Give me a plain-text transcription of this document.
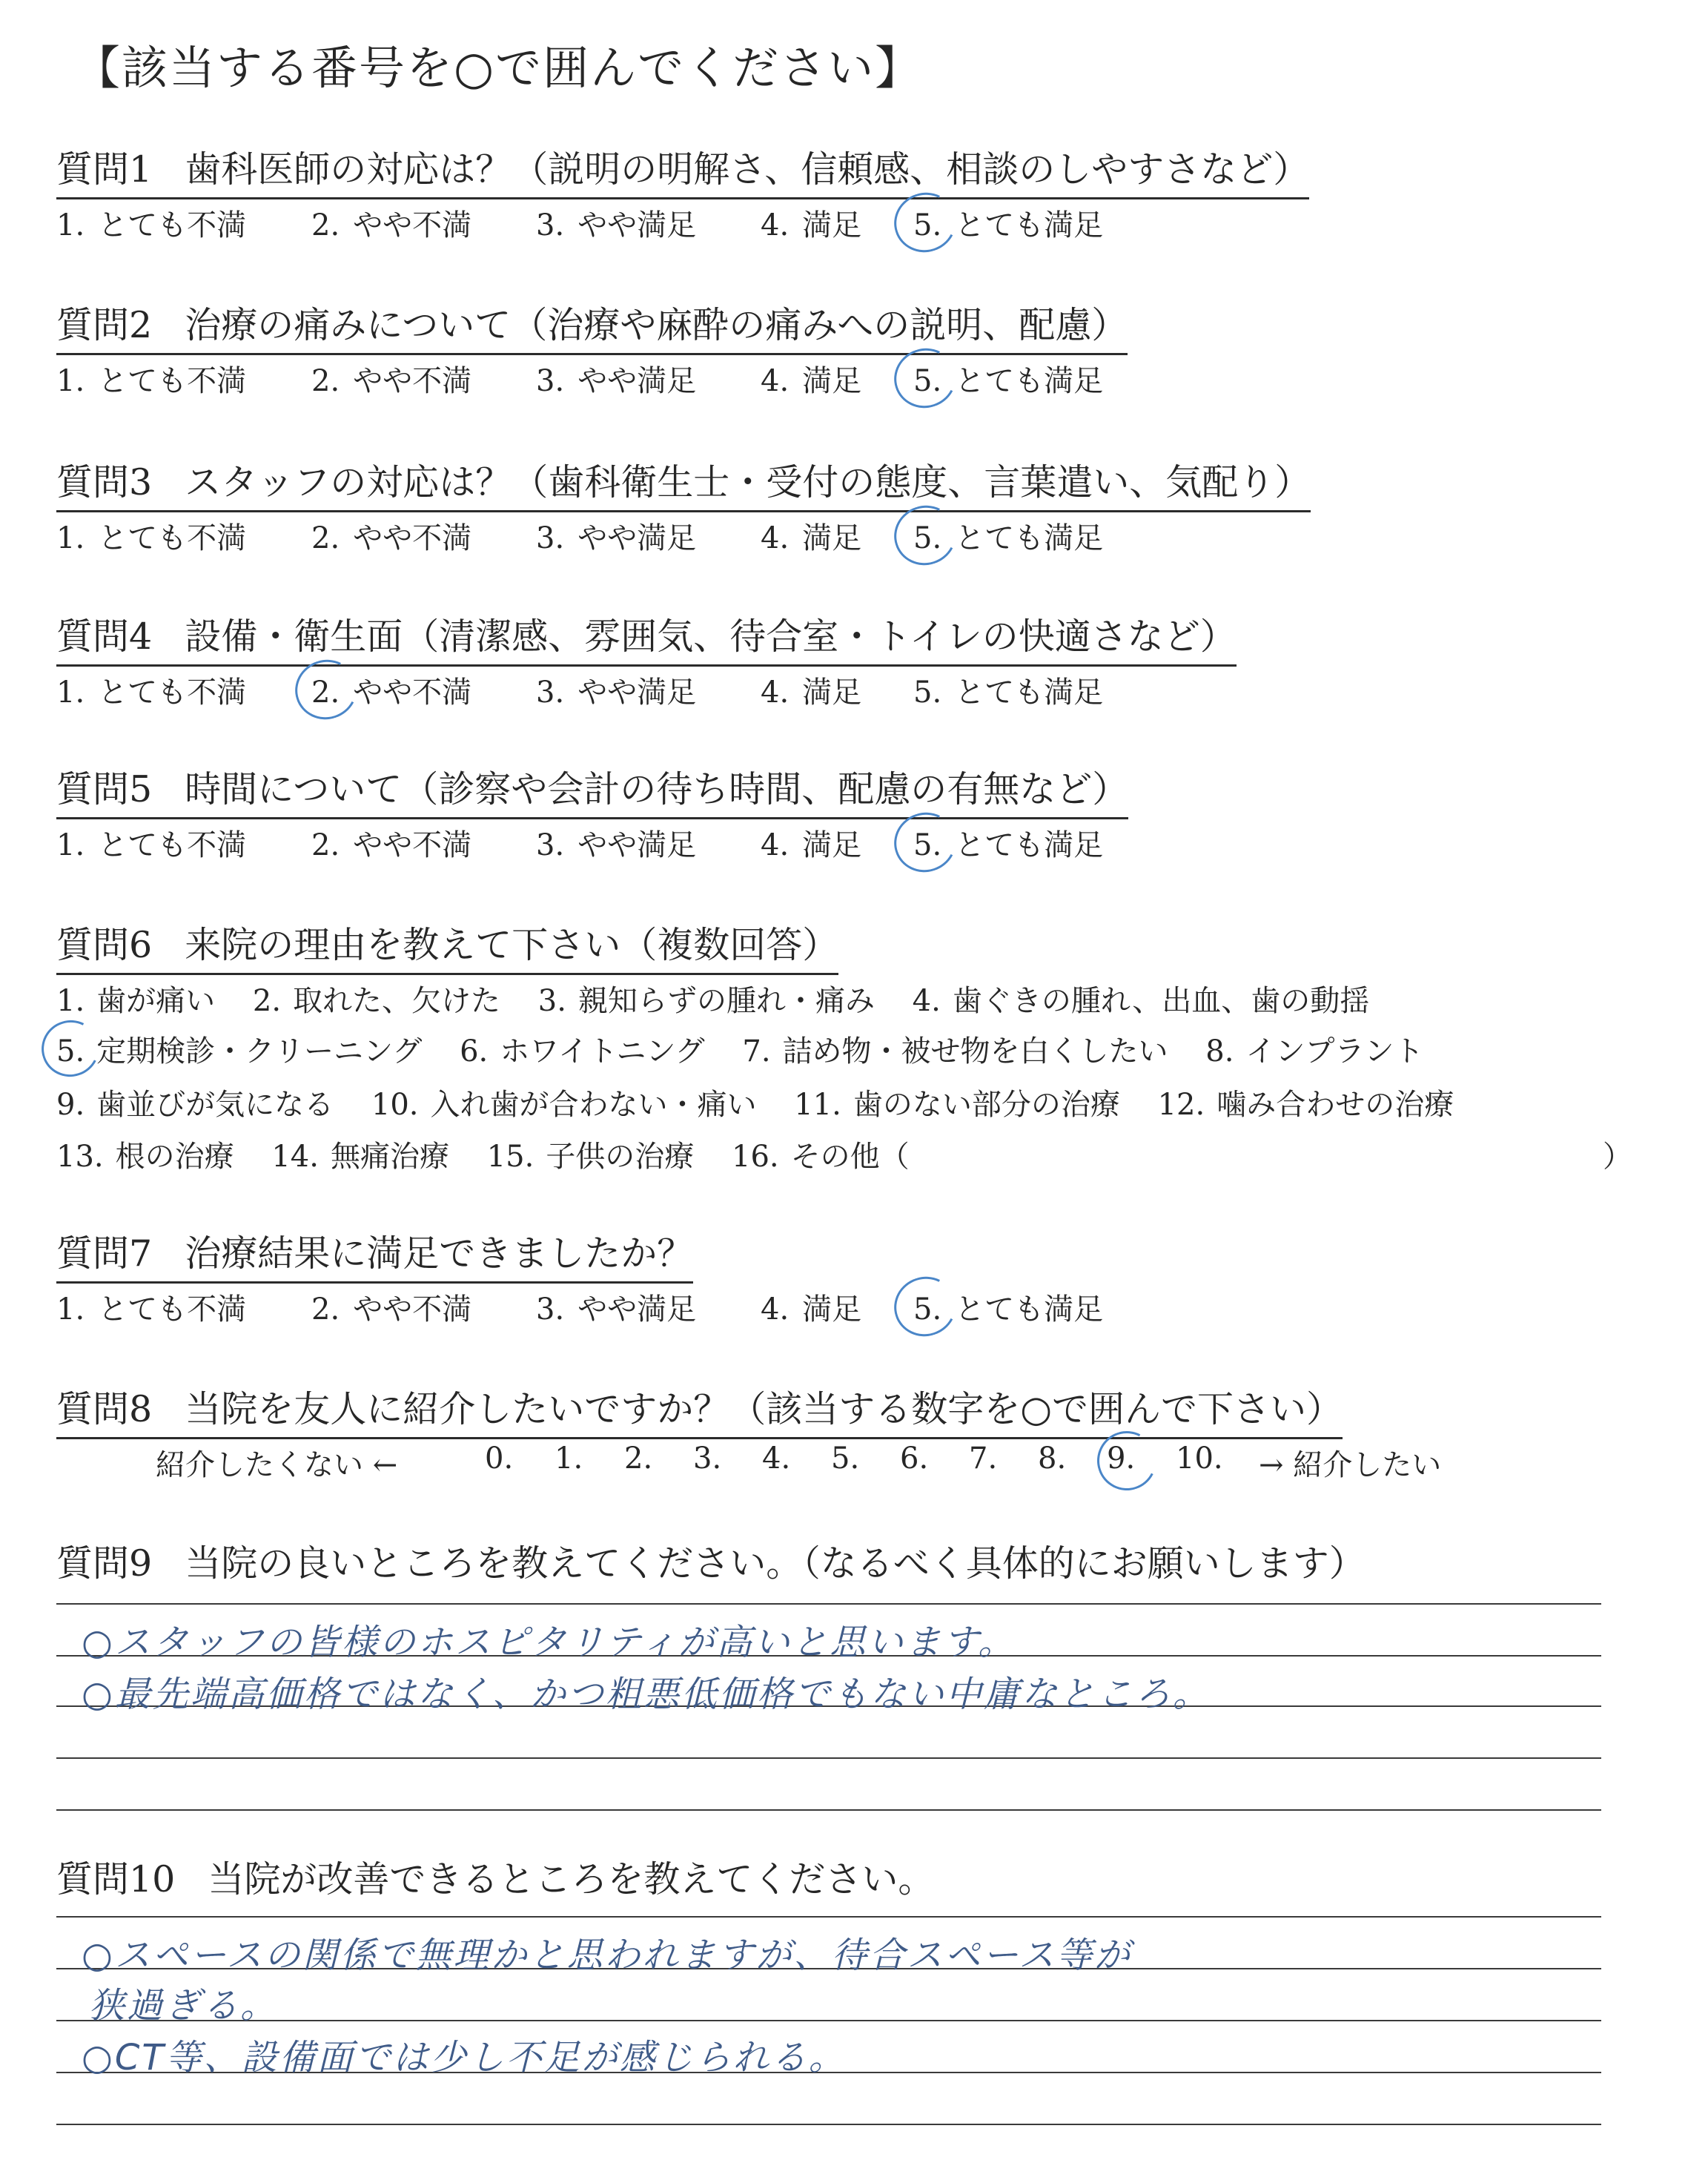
【該当する番号を○で囲んでください】
質問1 歯科医師の対応は？（説明の明解さ、信頼感、相談のしやすさなど）
1. とても不満 2. やや不満 3. やや満足 4. 満足 5. とても満足
質問2 治療の痛みについて（治療や麻酔の痛みへの説明、配慮）
1. とても不満 2. やや不満 3. やや満足 4. 満足 5. とても満足
質問3 スタッフの対応は？（歯科衛生士・受付の態度、言葉遣い、気配り）
1. とても不満 2. やや不満 3. やや満足 4. 満足 5. とても満足
質問4 設備・衛生面（清潔感、雰囲気、待合室・トイレの快適さなど）
1. とても不満 2. やや不満 3. やや満足 4. 満足 5. とても満足
質問5 時間について（診察や会計の待ち時間、配慮の有無など）
1. とても不満 2. やや不満 3. やや満足 4. 満足 5. とても満足
質問6 来院の理由を教えて下さい（複数回答）
1. 歯が痛い 2. 取れた、欠けた 3. 親知らずの腫れ・痛み 4. 歯ぐきの腫れ、出血、歯の動揺
5. 定期検診・クリーニング 6. ホワイトニング 7. 詰め物・被せ物を白くしたい 8. インプラント
9. 歯並びが気になる 10. 入れ歯が合わない・痛い 11. 歯のない部分の治療 12. 噛み合わせの治療
13. 根の治療 14. 無痛治療 15. 子供の治療 16. その他（	）
質問7 治療結果に満足できましたか？
1. とても不満 2. やや不満 3. やや満足 4. 満足 5. とても満足
質問8 当院を友人に紹介したいですか？（該当する数字を○で囲んで下さい）
紹介したくない ←	0. 1. 2. 3. 4. 5. 6. 7. 8. 9. 10. → 紹介したい
質問9 当院の良いところを教えてください。（なるべく具体的にお願いします）
○スタッフの皆様のホスピタリティが高いと思います。
○最先端高価格ではなく、かつ粗悪低価格でもない中庸なところ。
質問10 当院が改善できるところを教えてください。
○スペースの関係で無理かと思われますが、待合スペース等が
狭過ぎる。
○CT等、設備面では少し不足が感じられる。
